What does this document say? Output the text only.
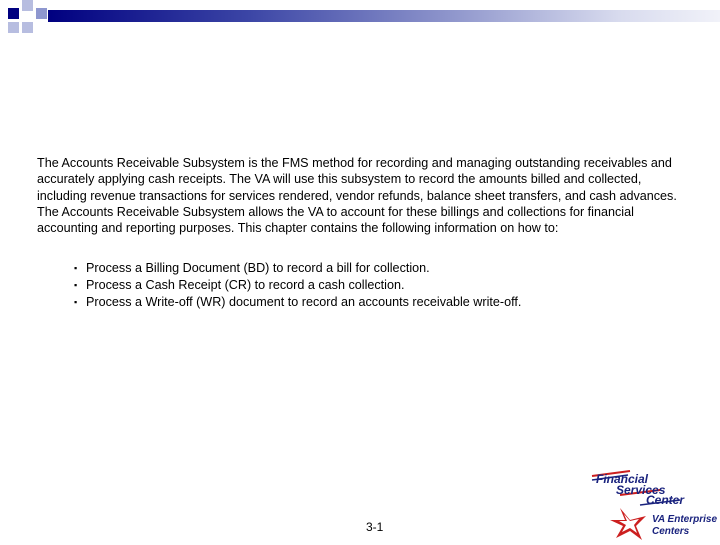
The Accounts Receivable Subsystem is the FMS method for recording and managing outstanding receivables and accurately applying cash receipts. The VA will use this subsystem to record the amounts billed and collected, including revenue transactions for services rendered, vendor refunds, balance sheet transfers, and cash advances. The Accounts Receivable Subsystem allows the VA to account for these billings and collections for financial accounting and reporting purposes. This chapter contains the following information on how to:

▪ Process a Billing Document (BD) to record a bill for collection.
▪ Process a Cash Receipt (CR) to record a cash collection.
▪ Process a Write-off (WR) document to record an accounts receivable write-off.
3-1
Financial
Services
Center
VA Enterprise
Centers
